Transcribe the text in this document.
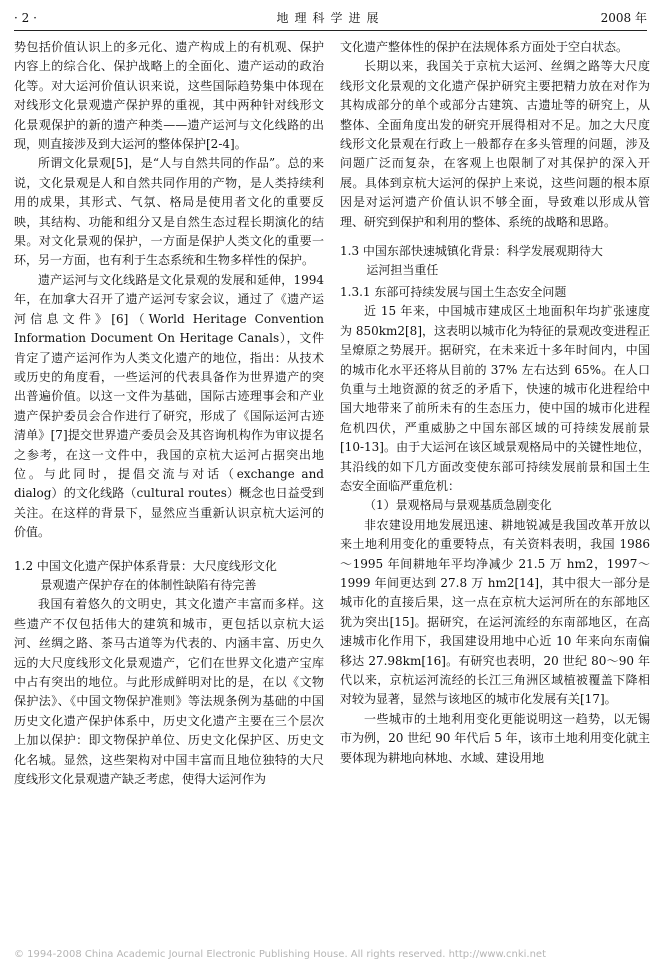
· 2 ·	地理科学进展	2008 年

势包括价值认识上的多元化、遗产构成上的有机观、保护内容上的综合化、保护战略上的全面化、遗产运动的政治化等。对大运河价值认识来说，这些国际趋势集中体现在对线形文化景观遗产保护界的重视，其中两种针对线形文化景观保护的新的遗产种类——遗产运河与文化线路的出现，则直接涉及到大运河的整体保护[2-4]。

所谓文化景观[5]，是“人与自然共同的作品”。总的来说，文化景观是人和自然共同作用的产物，是人类持续利用的成果，其形式、气氛、格局是使用者文化的重要反映，其结构、功能和组分又是自然生态过程长期演化的结果。对文化景观的保护，一方面是保护人类文化的重要一环，另一方面，也有利于生态系统和生物多样性的保护。

遗产运河与文化线路是文化景观的发展和延伸，1994 年，在加拿大召开了遗产运河专家会议，通过了《遗产运河信息文件》[6]（World Heritage Convention Information Document On Heritage Canals），文件肯定了遗产运河作为人类文化遗产的地位，指出：从技术或历史的角度看，一些运河的代表具备作为世界遗产的突出普遍价值。以这一文件为基础，国际古迹理事会和产业遗产保护委员会合作进行了研究，形成了《国际运河古迹清单》[7]提交世界遗产委员会及其咨询机构作为审议提名之参考，在这一文件中，我国的京杭大运河占据突出地位。与此同时，提倡交流与对话（exchange and dialog）的文化线路（cultural routes）概念也日益受到关注。在这样的背景下，显然应当重新认识京杭大运河的价值。

1.2 中国文化遗产保护体系背景：大尺度线形文化
景观遗产保护存在的体制性缺陷有待完善

我国有着悠久的文明史，其文化遗产丰富而多样。这些遗产不仅包括伟大的建筑和城市，更包括以京杭大运河、丝绸之路、茶马古道等为代表的、内涵丰富、历史久远的大尺度线形文化景观遗产，它们在世界文化遗产宝库中占有突出的地位。与此形成鲜明对比的是，在以《文物保护法》、《中国文物保护准则》等法规条例为基础的中国历史文化遗产保护体系中，历史文化遗产主要在三个层次上加以保护：即文物保护单位、历史文化保护区、历史文化名城。显然，这些架构对中国丰富而且地位独特的大尺度线形文化景观遗产缺乏考虑，使得大运河作为

文化遗产整体性的保护在法规体系方面处于空白状态。

长期以来，我国关于京杭大运河、丝绸之路等大尺度线形文化景观的文化遗产保护研究主要把精力放在对作为其构成部分的单个或部分古建筑、古遗址等的研究上，从整体、全面角度出发的研究开展得相对不足。加之大尺度线形文化景观在行政上一般都存在多头管理的问题，涉及问题广泛而复杂，在客观上也限制了对其保护的深入开展。具体到京杭大运河的保护上来说，这些问题的根本原因是对运河遗产价值认识不够全面，导致难以形成从管理、研究到保护和利用的整体、系统的战略和思路。

1.3 中国东部快速城镇化背景：科学发展观期待大
运河担当重任
1.3.1 东部可持续发展与国土生态安全问题

近 15 年来，中国城市建成区土地面积年均扩张速度为 850km2[8]，这表明以城市化为特征的景观改变进程正呈燎原之势展开。据研究，在未来近十多年时间内，中国的城市化水平还将从目前的 37% 左右达到 65%。在人口负重与土地资源的贫乏的矛盾下，快速的城市化进程给中国大地带来了前所未有的生态压力，使中国的城市化进程危机四伏，严重威胁之中国东部区域的可持续发展前景[10-13]。由于大运河在该区域景观格局中的关键性地位，其沿线的如下几方面改变使东部可持续发展前景和国土生态安全面临严重危机：

（1）景观格局与景观基质急剧变化

非农建设用地发展迅速、耕地锐减是我国改革开放以来土地利用变化的重要特点，有关资料表明，我国 1986～1995 年间耕地年平均净减少 21.5 万 hm2，1997～1999 年间更达到 27.8 万 hm2[14]，其中很大一部分是城市化的直接后果，这一点在京杭大运河所在的东部地区犹为突出[15]。据研究，在运河流经的东南部地区，在高速城市化作用下，我国建设用地中心近 10 年来向东南偏移达 27.98km[16]。有研究也表明，20 世纪 80～90 年代以来，京杭运河流经的长江三角洲区域植被覆盖下降相对较为显著，显然与该地区的城市化发展有关[17]。

一些城市的土地利用变化更能说明这一趋势，以无锡市为例，20 世纪 90 年代后 5 年，该市土地利用变化就主要体现为耕地向林地、水域、建设用地

© 1994-2008 China Academic Journal Electronic Publishing House. All rights reserved. http://www.cnki.net
